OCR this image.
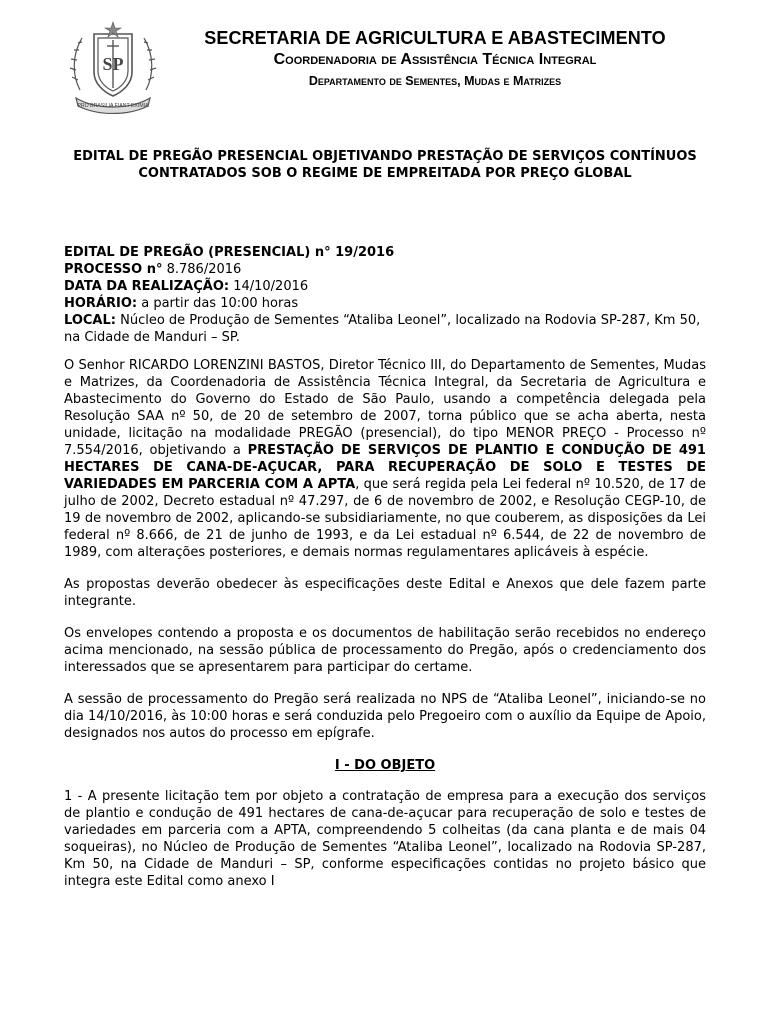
SP
PRO BRASILIA FIANT EXIMIA
SECRETARIA DE AGRICULTURA E ABASTECIMENTO
Coordenadoria de Assistência Técnica Integral
Departamento de Sementes, Mudas e Matrizes
EDITAL DE PREGÃO PRESENCIAL OBJETIVANDO PRESTAÇÃO DE SERVIÇOS CONTÍNUOS CONTRATADOS SOB O REGIME DE EMPREITADA POR PREÇO GLOBAL
EDITAL DE PREGÃO (PRESENCIAL) n° 19/2016
PROCESSO n° 8.786/2016
DATA DA REALIZAÇÃO: 14/10/2016
HORÁRIO: a partir das 10:00 horas
LOCAL: Núcleo de Produção de Sementes “Ataliba Leonel”, localizado na Rodovia SP-287, Km 50, na Cidade de Manduri – SP.

O Senhor RICARDO LORENZINI BASTOS, Diretor Técnico III, do Departamento de Sementes, Mudas e Matrizes, da Coordenadoria de Assistência Técnica Integral, da Secretaria de Agricultura e Abastecimento do Governo do Estado de São Paulo, usando a competência delegada pela Resolução SAA nº 50, de 20 de setembro de 2007, torna público que se acha aberta, nesta unidade, licitação na modalidade PREGÃO (presencial), do tipo MENOR PREÇO - Processo nº 7.554/2016, objetivando a PRESTAÇÃO DE SERVIÇOS DE PLANTIO E CONDUÇÃO DE 491 HECTARES DE CANA-DE-AÇUCAR, PARA RECUPERAÇÃO DE SOLO E TESTES DE VARIEDADES EM PARCERIA COM A APTA, que será regida pela Lei federal nº 10.520, de 17 de julho de 2002, Decreto estadual nº 47.297, de 6 de novembro de 2002, e Resolução CEGP-10, de 19 de novembro de 2002, aplicando-se subsidiariamente, no que couberem, as disposições da Lei federal nº 8.666, de 21 de junho de 1993, e da Lei estadual nº 6.544, de 22 de novembro de 1989, com alterações posteriores, e demais normas regulamentares aplicáveis à espécie.

As propostas deverão obedecer às especificações deste Edital e Anexos que dele fazem parte integrante.

Os envelopes contendo a proposta e os documentos de habilitação serão recebidos no endereço acima mencionado, na sessão pública de processamento do Pregão, após o credenciamento dos interessados que se apresentarem para participar do certame.

A sessão de processamento do Pregão será realizada no NPS de “Ataliba Leonel”, iniciando-se no dia 14/10/2016, às 10:00 horas e será conduzida pelo Pregoeiro com o auxílio da Equipe de Apoio, designados nos autos do processo em epígrafe.

I - DO OBJETO

1 - A presente licitação tem por objeto a contratação de empresa para a execução dos serviços de plantio e condução de 491 hectares de cana-de-açucar para recuperação de solo e testes de variedades em parceria com a APTA, compreendendo 5 colheitas (da cana planta e de mais 04 soqueiras), no Núcleo de Produção de Sementes “Ataliba Leonel”, localizado na Rodovia SP-287, Km 50, na Cidade de Manduri – SP, conforme especificações contidas no projeto básico que integra este Edital como anexo I
